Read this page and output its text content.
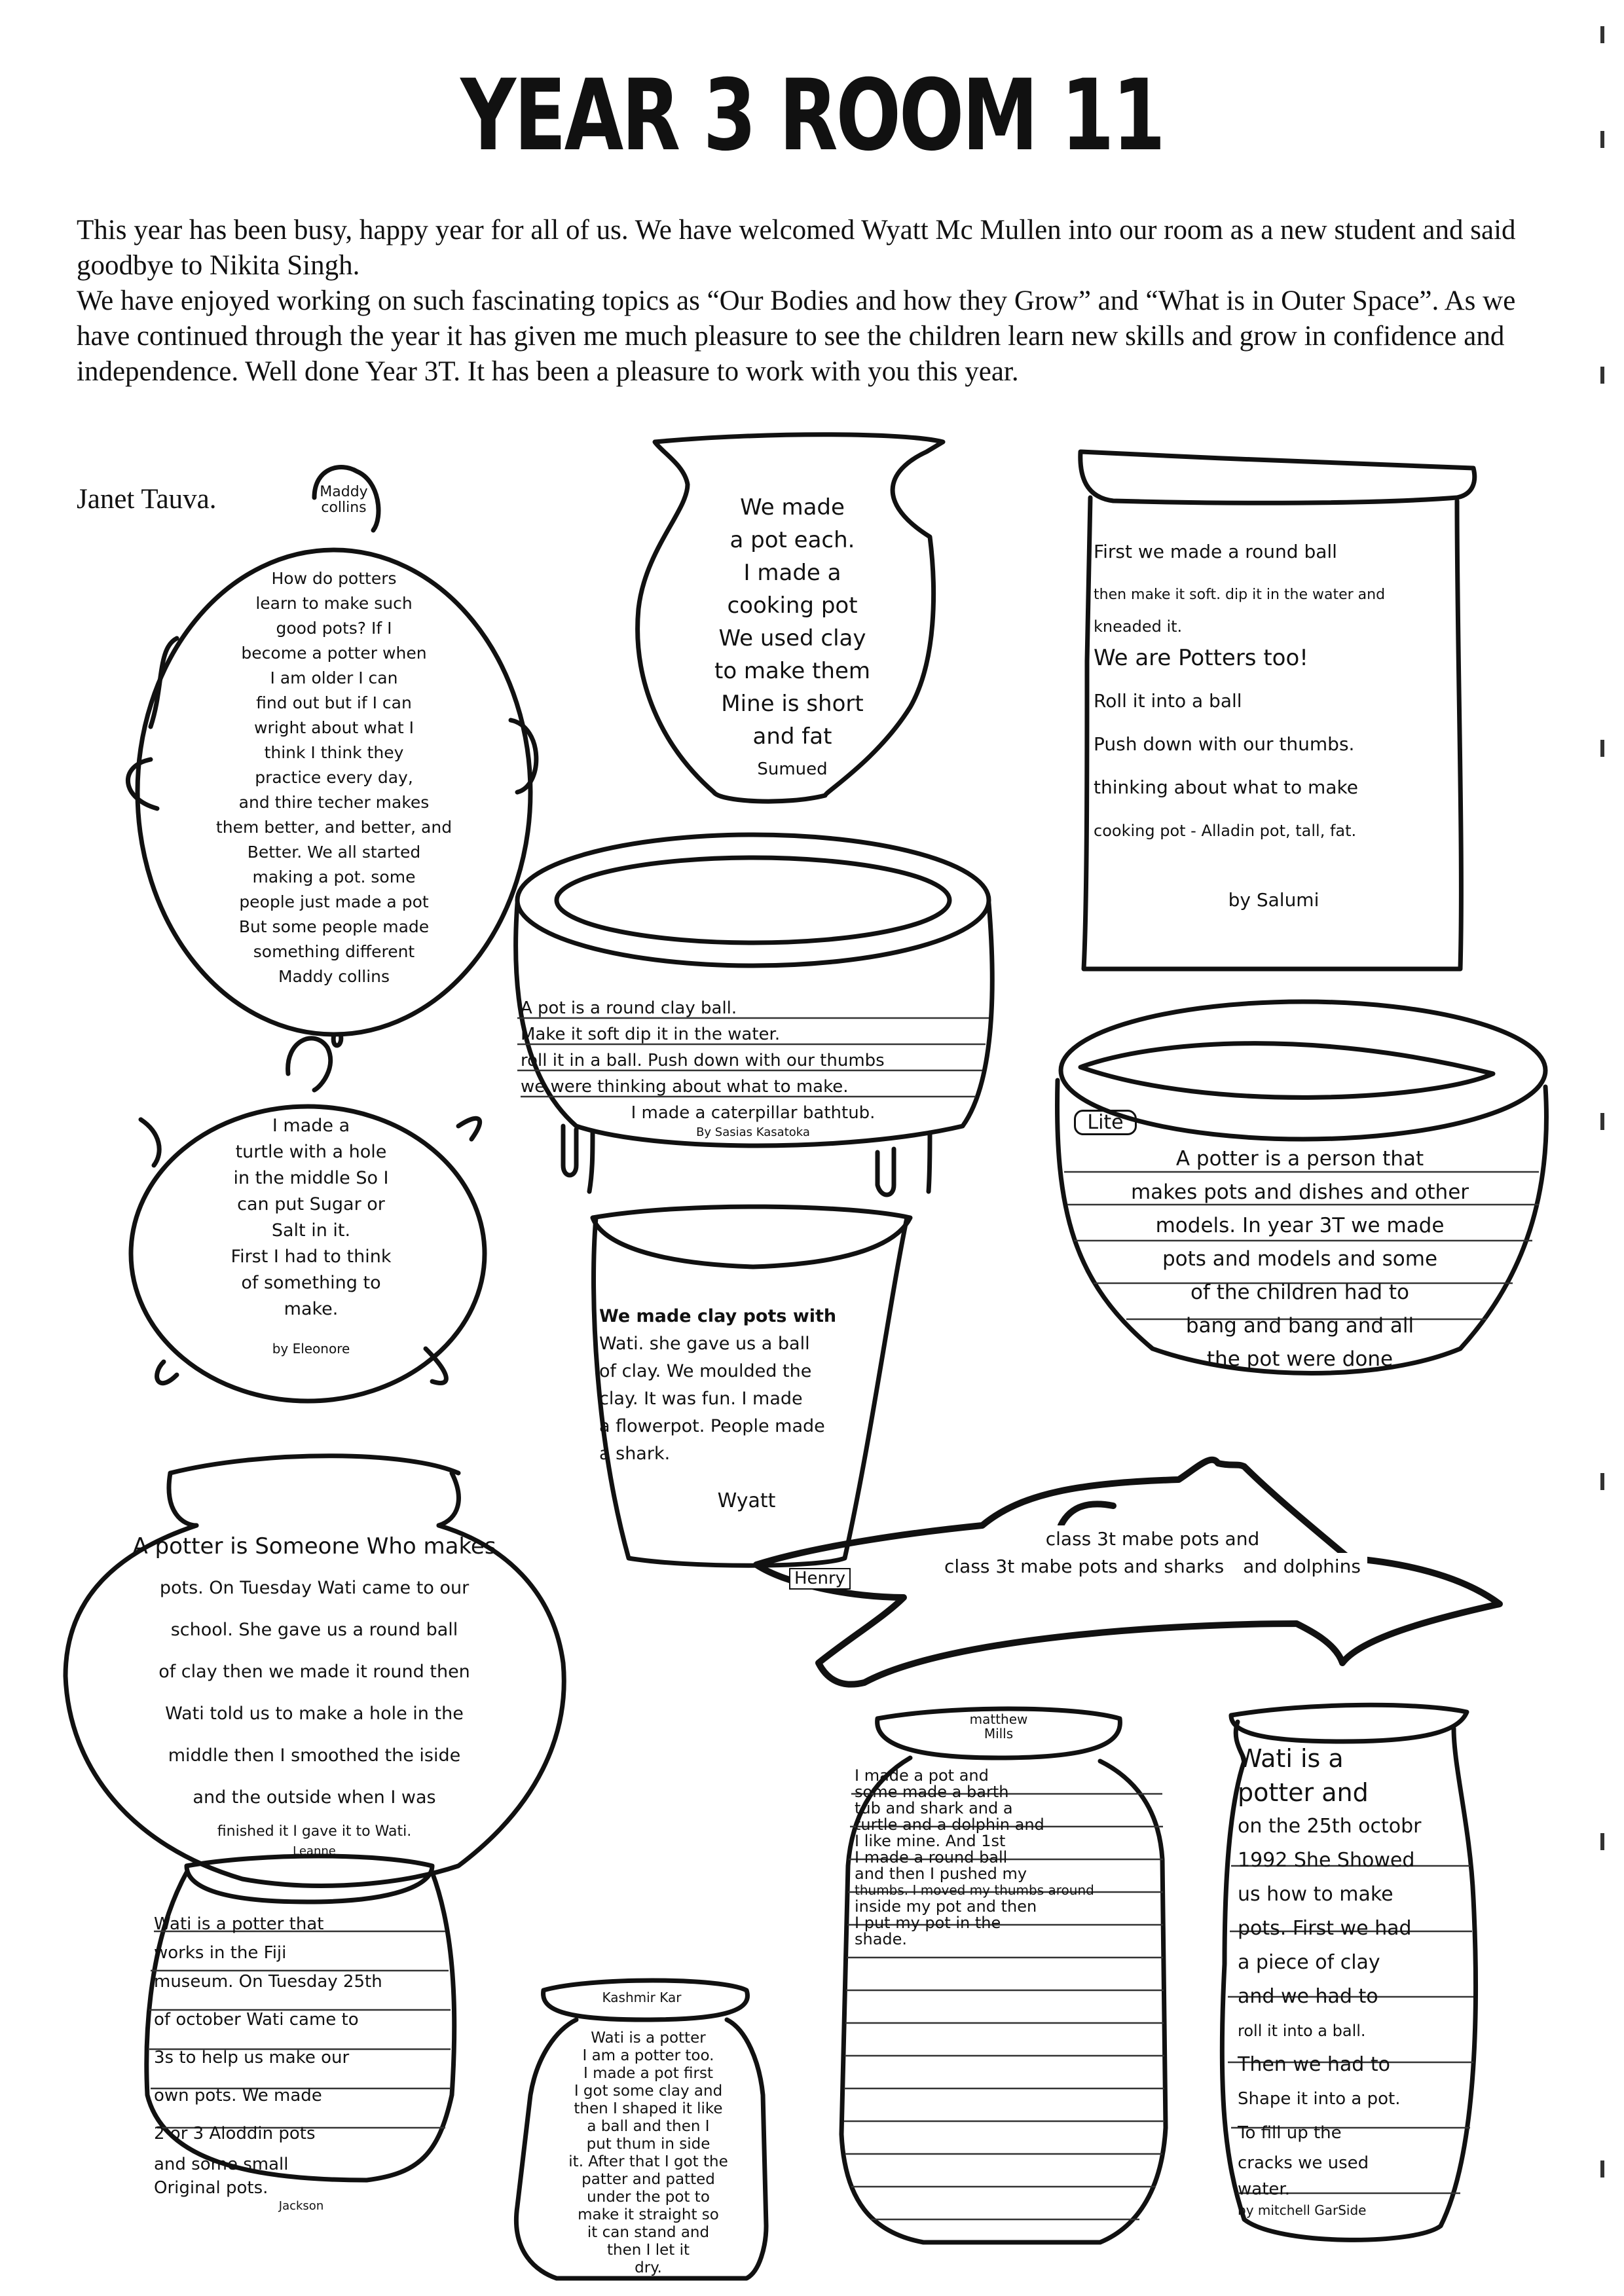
YEAR 3 ROOM 11

This year has been busy, happy year for all of us. We have welcomed Wyatt Mc Mullen into our room as a new student and said goodbye to Nikita Singh.

We have enjoyed working on such fascinating topics as “Our Bodies and how they Grow” and “What is in Outer Space”. As we have continued through the year it has given me much pleasure to see the children learn new skills and grow in confidence and independence. Well done Year 3T. It has been a pleasure to work with you this year.

Janet Tauva.	Maddy collins
How do potters
learn to make such
good pots? If I
become a potter when
I am older I can
find out but if I can
wright about what I
think I think they
practice every day,
and thire techer makes
them better, and better, and
Better. We all started
making a pot. some
people just made a pot
But some people made
something different
Maddy collins
We made
a pot each.
I made a
cooking pot
We used clay
to make them
Mine is short
and fat
Sumued
First we made a round ball
then make it soft. dip it in the water and
kneaded it.
We are Potters too!
Roll it into a ball
Push down with our thumbs.
thinking about what to make
cooking pot - Alladin pot, tall, fat.
by Salumi
A pot is a round clay ball.
Make it soft dip it in the water.
roll it in a ball. Push down with our thumbs
we were thinking about what to make.
I made a caterpillar bathtub.
By Sasias Kasatoka
I made a
turtle with a hole
in the middle So I
can put Sugar or
Salt in it.
First I had to think
of something to
make.
by Eleonore
Lite
A potter is a person that
makes pots and dishes and other
models. In year 3T we made
pots and models and some
of the children had to
bang and bang and all
the pot were done
We made clay pots with
Wati. she gave us a ball
of clay. We moulded the
clay. It was fun. I made
a flowerpot. People made
a shark.
Wyatt
A potter is Someone Who makes
pots. On Tuesday Wati came to our
school. She gave us a round ball
of clay then we made it round then
Wati told us to make a hole in the
middle then I smoothed the iside
and the outside when I was
finished it I gave it to Wati.
Leanne
Henry
class 3t mabe pots and class 3t mabe pots and sharks and dolphins
Wati is a potter that
works in the Fiji
museum. On Tuesday 25th
of october Wati came to
3s to help us make our
own pots. We made
2 or 3 Aloddin pots
and some small
Original pots.
Jackson
Kashmir Kar
Wati is a potter
I am a potter too.
I made a pot first
I got some clay and
then I shaped it like
a ball and then I
put thum in side
it. After that I got the
patter and patted
under the pot to
make it straight so
it can stand and
then I let it
dry.
matthew Mills
I made a pot and
some made a barth
tub and shark and a
turtle and a dolphin and
I like mine. And 1st
I made a round ball
and then I pushed my
thumbs. I moved my thumbs around
inside my pot and then
I put my pot in the
shade.
Wati is a
potter and
on the 25th octobr
1992 She Showed
us how to make
pots. First we had
a piece of clay
and we had to
roll it into a ball.
Then we had to
Shape it into a pot.
To fill up the
cracks we used
water.
by mitchell GarSide
